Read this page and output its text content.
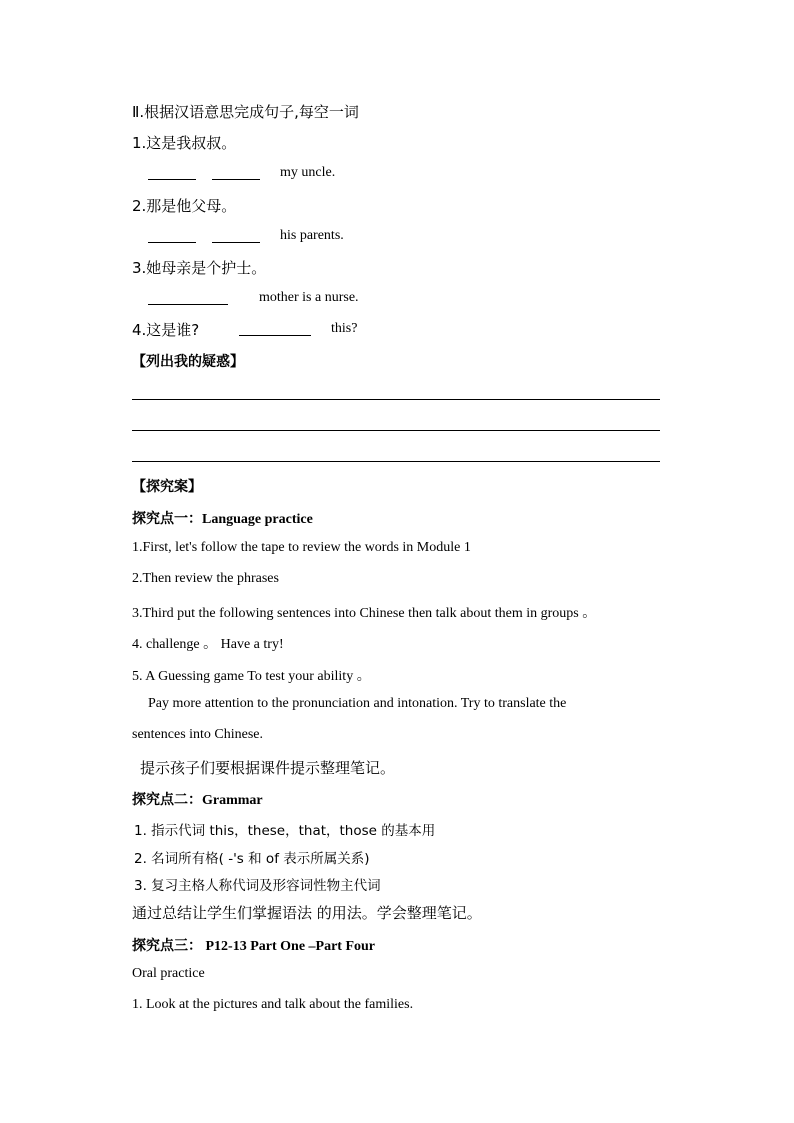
Ⅱ.根据汉语意思完成句子,每空一词
1.这是我叔叔。
my uncle.
2.那是他父母。
his parents.
3.她母亲是个护士。
mother is a nurse.
4.这是谁?	this?
【列出我的疑惑】
【探究案】
探究点一：Language practice
1.First, let's follow the tape to review the words in Module 1
2.Then review the phrases
3.Third put the following sentences into Chinese then talk about them in groups 。
4. challenge 。 Have a try!
5. A Guessing game To test your ability 。
Pay more attention to the pronunciation and intonation. Try to translate the
sentences into Chinese.
提示孩子们要根据课件提示整理笔记。
探究点二：Grammar
1. 指示代词 this，these，that，those 的基本用
2. 名词所有格( -'s 和 of 表示所属关系)
3. 复习主格人称代词及形容词性物主代词
通过总结让学生们掌握语法 的用法。学会整理笔记。
探究点三： P12-13 Part One –Part Four
Oral practice
1. Look at the pictures and talk about the families.
